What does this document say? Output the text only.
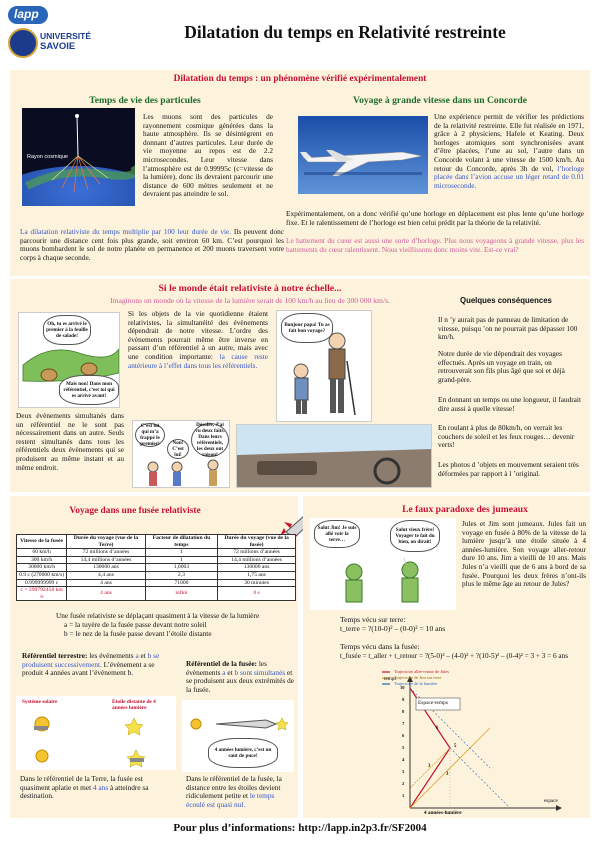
lapp
UNIVERSITÉ
SAVOIE
Dilatation du temps en Relativité restreinte
Dilatation du temps : un phénomène vérifié expérimentalement
Temps de vie des particules
Rayon cosmique
Les muons sont des particules de rayonnement cosmique générées dans la haute atmosphère. Ils se désintègrent en donnant d’autres particules. Leur durée de vie moyenne au repos est de 2.2 microsecondes. Leur vitesse dans l’atmosphère est de 0.99995c (c=vitesse de la lumière), donc ils devraient parcourir une distance de 600 mètres seulement et ne devraient pas atteindre le sol.
La dilatation relativiste du temps multiplie par 100 leur durée de vie. Ils peuvent donc parcourir une distance cent fois plus grande, soit environ 60 km. C’est pourquoi les muons bombardent le sol de notre planète en permanence et 200 muons traversent votre corps à chaque seconde.
Voyage à grande vitesse dans un Concorde
Une expérience permit de vérifier les prédictions de la relativité restreinte. Elle fut réalisée en 1971, grâce à 2 physiciens, Hafele et Keating. Deux horloges atomiques sont synchronisées avant d’être placées, l’une au sol, l’autre dans un Concorde volant à une vitesse de 1500 km/h. Au retour du Concorde, après 3h de vol, l’horloge placée dans l’avion accuse un léger retard de 0.01 microseconde.
Expérimentalement, on a donc vérifié qu’une horloge en déplacement est plus lente qu’une horloge fixe. Et le ralentissement de l’horloge est bien celui prédit par la théorie de la relativité.
Le battement du cœur est aussi une sorte d’horloge. Plus nous voyageons à grande vitesse, plus les battements du cœur ralentissent. Nous vieillissons donc moins vite. Est-ce vrai?
Si le monde était relativiste à notre échelle...
Imaginons un monde où la vitesse de la lumière serait de 100 km/h au lieu de 300 000 km/s.
Oh, tu es arrivé le premier à la feuille de salade!
Mais non! Dans mon référentiel, c’est toi qui es arrivé avant!
Si les objets de la vie quotidienne étaient relativistes, la simultanéité des évènements dépendrait de notre vitesse. L’ordre des évènements pourrait même être inverse en passant d’un référentiel à un autre, mais avec une condition importante: la cause reste antérieure à l’effet dans tous les référentiels.
Bonjour papa! Tu as fait bon voyage?
Quelques conséquences
Il n ’y aurait pas de panneau de limitation de vitesse, puisqu ’on ne pourrait pas dépasser 100 km/h.
Notre durée de vie dépendrait des voyages effectués. Après un voyage en train, on retrouverait son fils plus âgé que soi et déjà grand-père.
En donnant un temps ou une longueur, il faudrait dire aussi à quelle vitesse!
En roulant à plus de 80km/h, on verrait les couchers de soleil et les feux rouges… devenir verts!
Les photos d ’objets en mouvement seraient très déformées par rapport à l ’original.
Deux évènements simultanés dans un référentiel ne le sont pas nécessairement dans un autre. Seuls restent simultanés dans tous les référentiels deux évènements qui se produisent au même instant et au même endroit.
C’est lui qui m’a frappé le premier!	Non! C’est lui!
Désolée, J’ai vu deux faits. Dans leurs référentiels, les deux ont raison!
Voyage dans une fusée relativiste
Vitesse de la fusée	Durée du voyage (vue de la Terre)	Facteur de dilatation du temps	Durée du voyage (vue de la fusée)
60 km/h	72 millions d’années	1	72 millions d’années
300 km/h	14,4 millions d’années	1	14,4 millions d’années
30000 km/h	130000 ans	1,0003	130000 ans
0.9 c (270000 km/s)	4,4 ans	2,3	1,75 ans
0.999999999 c	4 ans	71000	30 minutes
c = 299792458 km /s	4 ans	infini	0 s
Une fusée relativiste se déplaçant quasiment à la vitesse de la lumière
a = la tuyère de la fusée passe devant notre soleil
b = le nez de la fusée passe devant l’étoile distante
Référentiel terrestre: les évènements a et b se produisent successivement. L’évènement a se produit 4 années avant l’évènement b.
Système solaire	Etoile distante de 4 années lumière
Dans le référentiel de la Terre, la fusée est quasiment aplatie et met 4 ans à atteindre sa destination.
Référentiel de la fusée: les évènements a et b sont simultanés et se produisent aux deux extrémités de la fusée.
4 années lumière, c’est un saut de puce!
Dans le référentiel de la fusée, la distance entre les étoiles devient ridiculement petite et le temps écoulé est quasi nul.
Le faux paradoxe des jumeaux
Salut Jim! Je suis allé voir la terre…
Salut vieux frère! Voyager te fait du bien, on dirait!
Jules et Jim sont jumeaux. Jules fait un voyage en fusée à 80% de la vitesse de la lumière jusqu’à une étoile située à 4 années-lumière. Son voyage aller-retour dure 10 ans. Jim a vieilli de 10 ans. Mais Jules n’a vieilli que de 6 ans à bord de sa fusée. Pourquoi les deux frères n’ont-ils plus le même âge au retour de Jules?
Temps vécu sur terre:
t_terre = ?(10-0)² – (0-0)² = 10 ans
Temps vécu dans la fusée:
t_fusée = t_aller + t_retour = ?(5-0)² – (4-0)² + ?(10-5)² – (0-4)² = 3 + 3 = 6 ans
Trajectoire aller-retour de Jules
Trajectoire de Jim sur terre
Trajectoire de la lumière
temps
espace
4 années-lumière
Espace-temps
10
9
8
7
6
5
4
3
2
1
3
6
5
3
Pour plus d’informations: http://lapp.in2p3.fr/SF2004
